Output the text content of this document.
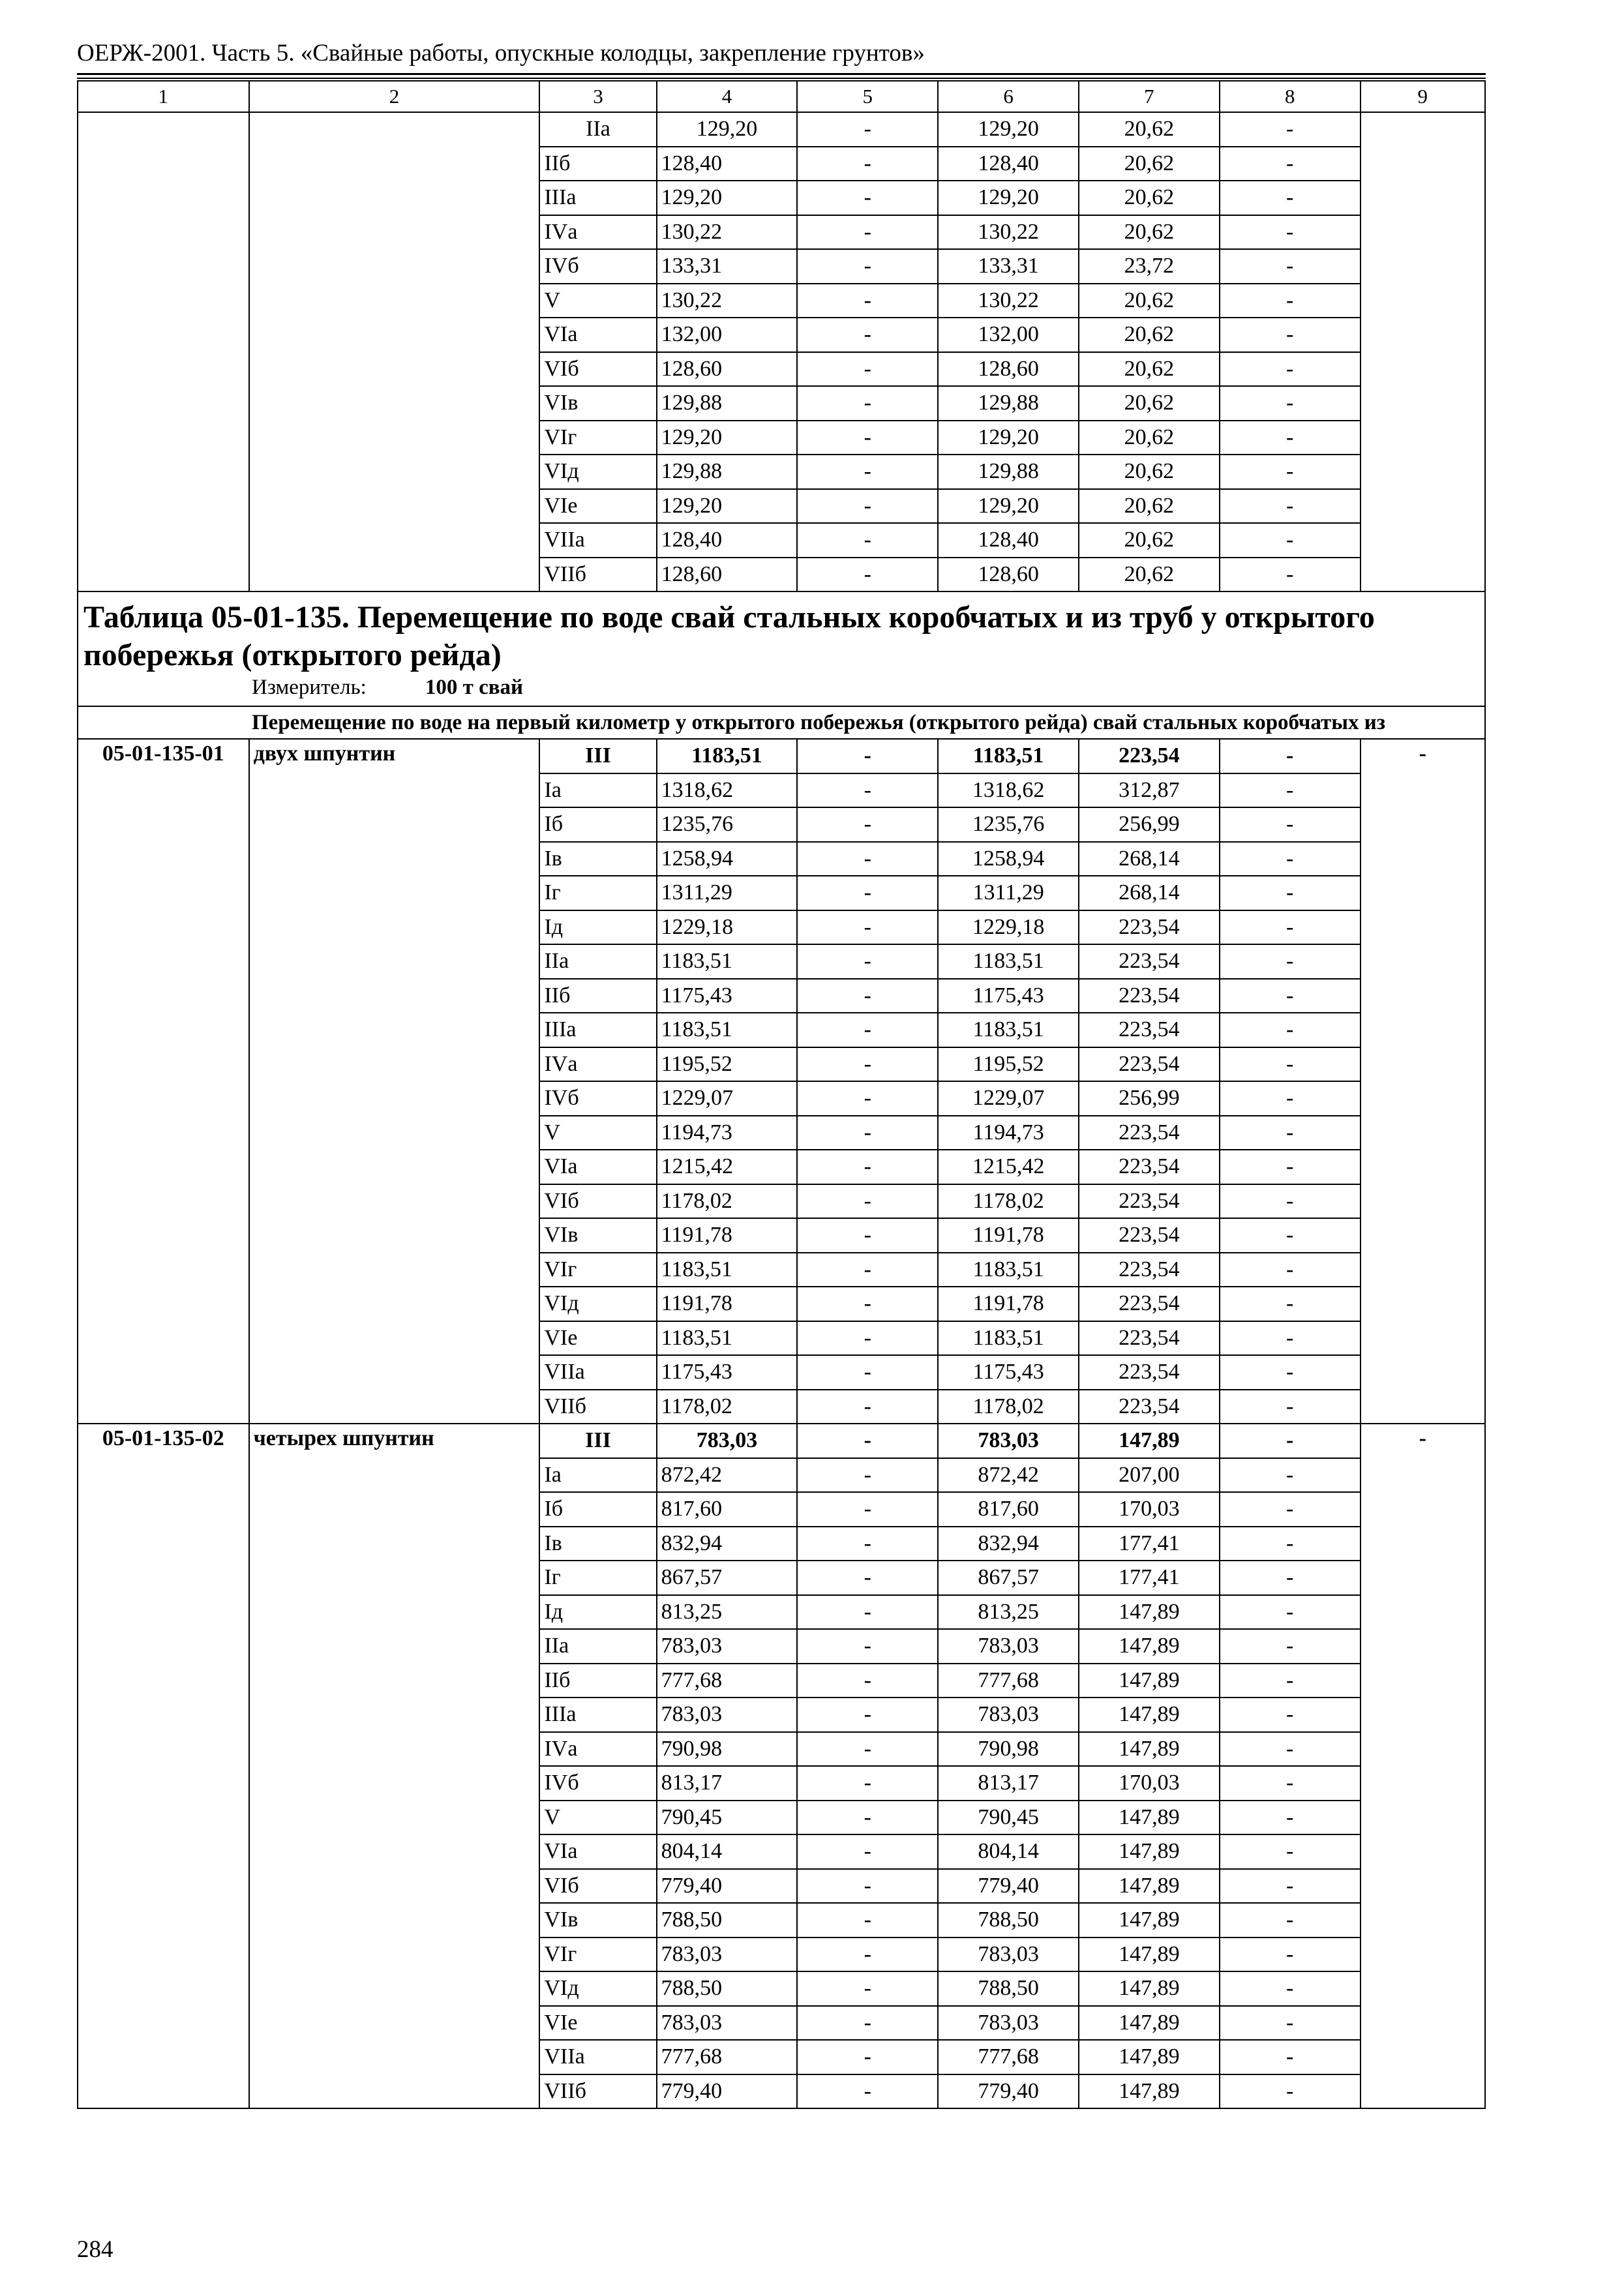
ОЕРЖ-2001. Часть 5. «Свайные работы, опускные колодцы, закрепление грунтов»
1	2	3	4	5	6	7	8	9
		IIа	129,20	-	129,20	20,62	-	
		IIб	128,40	-	128,40	20,62	-	
		IIIа	129,20	-	129,20	20,62	-	
		IVа	130,22	-	130,22	20,62	-	
		IVб	133,31	-	133,31	23,72	-	
		V	130,22	-	130,22	20,62	-	
		VIа	132,00	-	132,00	20,62	-	
		VIб	128,60	-	128,60	20,62	-	
		VIв	129,88	-	129,88	20,62	-	
		VIг	129,20	-	129,20	20,62	-	
		VIд	129,88	-	129,88	20,62	-	
		VIе	129,20	-	129,20	20,62	-	
		VIIа	128,40	-	128,40	20,62	-	
		VIIб	128,60	-	128,60	20,62	-	

Таблица 05-01-135. Перемещение по воде свай стальных коробчатых и из труб у открытого побережья (открытого рейда)
Измеритель: 100 т свай								

Перемещение по воде на первый километр у открытого побережья (открытого рейда) свай стальных коробчатых из								

05-01-135-01	двух шпунтин	III	1183,51	-	1183,51	223,54	-	-
		Iа	1318,62	-	1318,62	312,87	-	
		Iб	1235,76	-	1235,76	256,99	-	
		Iв	1258,94	-	1258,94	268,14	-	
		Iг	1311,29	-	1311,29	268,14	-	
		Iд	1229,18	-	1229,18	223,54	-	
		IIа	1183,51	-	1183,51	223,54	-	
		IIб	1175,43	-	1175,43	223,54	-	
		IIIа	1183,51	-	1183,51	223,54	-	
		IVа	1195,52	-	1195,52	223,54	-	
		IVб	1229,07	-	1229,07	256,99	-	
		V	1194,73	-	1194,73	223,54	-	
		VIа	1215,42	-	1215,42	223,54	-	
		VIб	1178,02	-	1178,02	223,54	-	
		VIв	1191,78	-	1191,78	223,54	-	
		VIг	1183,51	-	1183,51	223,54	-	
		VIд	1191,78	-	1191,78	223,54	-	
		VIе	1183,51	-	1183,51	223,54	-	
		VIIа	1175,43	-	1175,43	223,54	-	
		VIIб	1178,02	-	1178,02	223,54	-	
05-01-135-02	четырех шпунтин	III	783,03	-	783,03	147,89	-	-
		Iа	872,42	-	872,42	207,00	-	
		Iб	817,60	-	817,60	170,03	-	
		Iв	832,94	-	832,94	177,41	-	
		Iг	867,57	-	867,57	177,41	-	
		Iд	813,25	-	813,25	147,89	-	
		IIа	783,03	-	783,03	147,89	-	
		IIб	777,68	-	777,68	147,89	-	
		IIIа	783,03	-	783,03	147,89	-	
		IVа	790,98	-	790,98	147,89	-	
		IVб	813,17	-	813,17	170,03	-	
		V	790,45	-	790,45	147,89	-	
		VIа	804,14	-	804,14	147,89	-	
		VIб	779,40	-	779,40	147,89	-	
		VIв	788,50	-	788,50	147,89	-	
		VIг	783,03	-	783,03	147,89	-	
		VIд	788,50	-	788,50	147,89	-	
		VIе	783,03	-	783,03	147,89	-	
		VIIа	777,68	-	777,68	147,89	-	
		VIIб	779,40	-	779,40	147,89	-	
284
